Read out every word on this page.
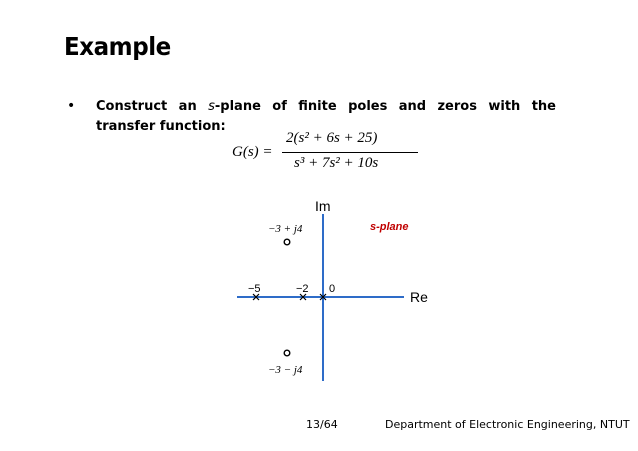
Example
• Construct an s-plane of finite poles and zeros with the transfer function:
G(s) =
2(s² + 6s + 25)
s³ + 7s² + 10s
Im
Re
s-plane
−5	−2 0
−3 + j4
−3 − j4
13/64	Department of Electronic Engineering, NTUT
